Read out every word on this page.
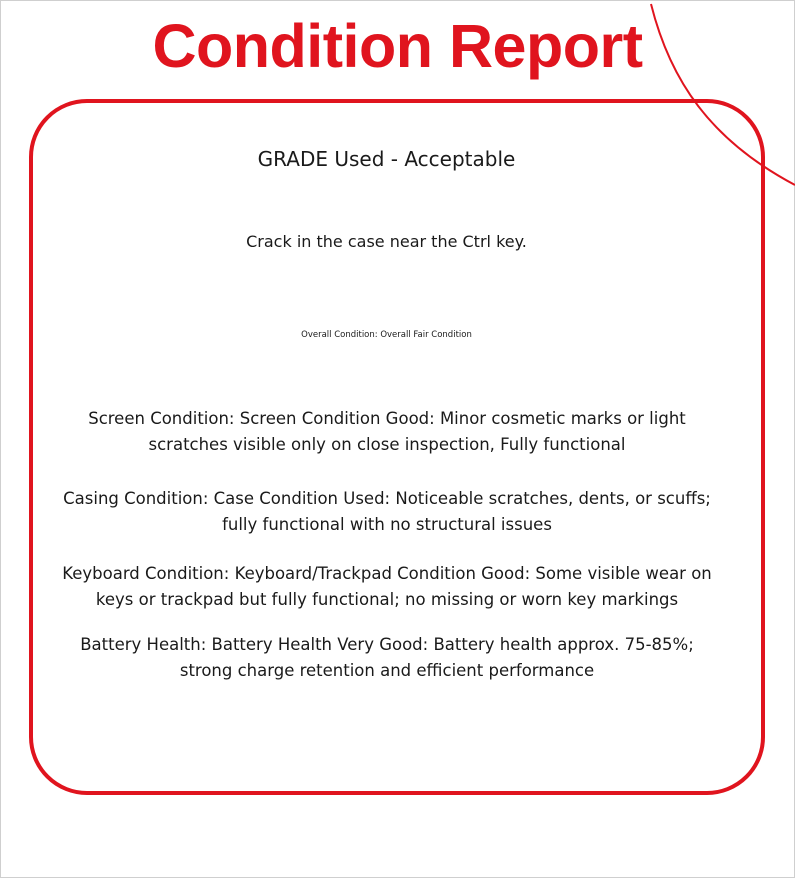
Condition Report
GRADE Used - Acceptable
Crack in the case near the Ctrl key.
Overall Condition: Overall Fair Condition
Screen Condition: Screen Condition Good: Minor cosmetic marks or light scratches visible only on close inspection, Fully functional
Casing Condition: Case Condition Used: Noticeable scratches, dents, or scuffs; fully functional with no structural issues
Keyboard Condition: Keyboard/Trackpad Condition Good: Some visible wear on keys or trackpad but fully functional; no missing or worn key markings
Battery Health: Battery Health Very Good: Battery health approx. 75-85%; strong charge retention and efficient performance
